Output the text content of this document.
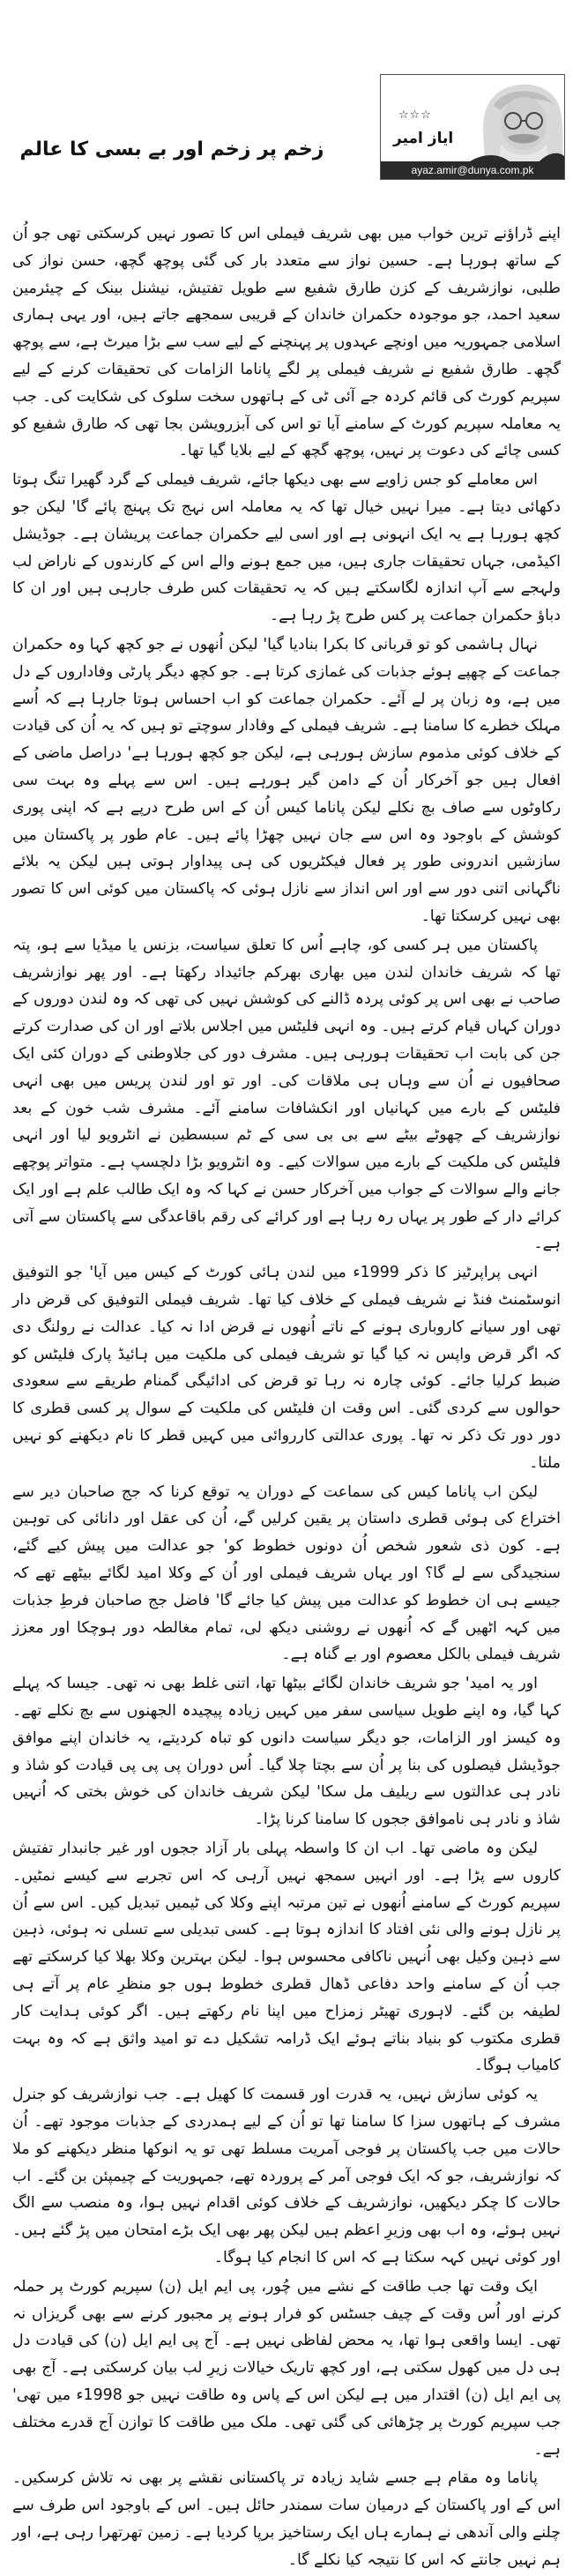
☆☆☆
ایاز امیر
ayaz.amir@dunya.com.pk
زخم پر زخم اور بے بسی کا عالم

اپنے ڈراؤنے ترین خواب میں بھی شریف فیملی اس کا تصور نہیں کرسکتی تھی جو اُن کے ساتھ ہورہا ہے۔ حسین نواز سے متعدد بار کی گئی پوچھ گچھ، حسن نواز کی طلبی، نوازشریف کے کزن طارق شفیع سے طویل تفتیش، نیشنل بینک کے چیئرمین سعید احمد، جو موجودہ حکمران خاندان کے قریبی سمجھے جاتے ہیں، اور یہی ہماری اسلامی جمہوریہ میں اونچے عہدوں پر پہنچنے کے لیے سب سے بڑا میرٹ ہے، سے پوچھ گچھ۔ طارق شفیع نے شریف فیملی پر لگے پاناما الزامات کی تحقیقات کرنے کے لیے سپریم کورٹ کی قائم کردہ جے آئی ٹی کے ہاتھوں سخت سلوک کی شکایت کی۔ جب یہ معاملہ سپریم کورٹ کے سامنے آیا تو اس کی آبزرویشن بجا تھی کہ طارق شفیع کو کسی چائے کی دعوت پر نہیں، پوچھ گچھ کے لیے بلایا گیا تھا۔

اس معاملے کو جس زاویے سے بھی دیکھا جائے، شریف فیملی کے گرد گھیرا تنگ ہوتا دکھائی دیتا ہے۔ میرا نہیں خیال تھا کہ یہ معاملہ اس نہج تک پہنچ پائے گا' لیکن جو کچھ ہورہا ہے یہ ایک انہونی ہے اور اسی لیے حکمران جماعت پریشان ہے۔ جوڈیشل اکیڈمی، جہاں تحقیقات جاری ہیں، میں جمع ہونے والے اس کے کارندوں کے ناراض لب ولہجے سے آپ اندازہ لگاسکتے ہیں کہ یہ تحقیقات کس طرف جارہی ہیں اور ان کا دباؤ حکمران جماعت پر کس طرح پڑ رہا ہے۔

نہال ہاشمی کو تو قربانی کا بکرا بنادیا گیا' لیکن اُنھوں نے جو کچھ کہا وہ حکمران جماعت کے چھپے ہوئے جذبات کی غمازی کرتا ہے۔ جو کچھ دیگر پارٹی وفاداروں کے دل میں ہے، وہ زبان پر لے آئے۔ حکمران جماعت کو اب احساس ہوتا جارہا ہے کہ اُسے مہلک خطرے کا سامنا ہے۔ شریف فیملی کے وفادار سوچتے تو ہیں کہ یہ اُن کی قیادت کے خلاف کوئی مذموم سازش ہورہی ہے، لیکن جو کچھ ہورہا ہے' دراصل ماضی کے افعال ہیں جو آخرکار اُن کے دامن گیر ہورہے ہیں۔ اس سے پہلے وہ بہت سی رکاوٹوں سے صاف بچ نکلے لیکن پاناما کیس اُن کے اس طرح درپے ہے کہ اپنی پوری کوشش کے باوجود وہ اس سے جان نہیں چھڑا پائے ہیں۔ عام طور پر پاکستان میں سازشیں اندرونی طور پر فعال فیکٹریوں کی ہی پیداوار ہوتی ہیں لیکن یہ بلائے ناگہانی اتنی دور سے اور اس انداز سے نازل ہوئی کہ پاکستان میں کوئی اس کا تصور بھی نہیں کرسکتا تھا۔

پاکستان میں ہر کسی کو، چاہے اُس کا تعلق سیاست، بزنس یا میڈیا سے ہو، پتہ تھا کہ شریف خاندان لندن میں بھاری بھرکم جائیداد رکھتا ہے۔ اور پھر نوازشریف صاحب نے بھی اس پر کوئی پردہ ڈالنے کی کوشش نہیں کی تھی کہ وہ لندن دوروں کے دوران کہاں قیام کرتے ہیں۔ وہ انہی فلیٹس میں اجلاس بلاتے اور ان کی صدارت کرتے جن کی بابت اب تحقیقات ہورہی ہیں۔ مشرف دور کی جلاوطنی کے دوران کئی ایک صحافیوں نے اُن سے وہاں ہی ملاقات کی۔ اور تو اور لندن پریس میں بھی انہی فلیٹس کے بارے میں کہانیاں اور انکشافات سامنے آئے۔ مشرف شب خون کے بعد نوازشریف کے چھوٹے بیٹے سے بی بی سی کے ٹم سبسطین نے انٹرویو لیا اور انہی فلیٹس کی ملکیت کے بارے میں سوالات کیے۔ وہ انٹرویو بڑا دلچسپ ہے۔ متواتر پوچھے جانے والے سوالات کے جواب میں آخرکار حسن نے کہا کہ وہ ایک طالب علم ہے اور ایک کرائے دار کے طور پر یہاں رہ رہا ہے اور کرائے کی رقم باقاعدگی سے پاکستان سے آتی ہے۔

انہی پراپرٹیز کا ذکر 1999ء میں لندن ہائی کورٹ کے کیس میں آیا' جو التوفیق انوسٹمنٹ فنڈ نے شریف فیملی کے خلاف کیا تھا۔ شریف فیملی التوفیق کی قرض دار تھی اور سیانے کاروباری ہونے کے ناتے اُنھوں نے قرض ادا نہ کیا۔ عدالت نے رولنگ دی کہ اگر قرض واپس نہ کیا گیا تو شریف فیملی کی ملکیت میں ہائیڈ پارک فلیٹس کو ضبط کرلیا جائے۔ کوئی چارہ نہ رہا تو قرض کی ادائیگی گمنام طریقے سے سعودی حوالوں سے کردی گئی۔ اس وقت ان فلیٹس کی ملکیت کے سوال پر کسی قطری کا دور دور تک ذکر نہ تھا۔ پوری عدالتی کارروائی میں کہیں قطر کا نام دیکھنے کو نہیں ملتا۔

لیکن اب پاناما کیس کی سماعت کے دوران یہ توقع کرنا کہ جج صاحبان دیر سے اختراع کی ہوئی قطری داستان پر یقین کرلیں گے، اُن کی عقل اور دانائی کی توہین ہے۔ کون ذی شعور شخص اُن دونوں خطوط کو' جو عدالت میں پیش کیے گئے، سنجیدگی سے لے گا؟ اور یہاں شریف فیملی اور اُن کے وکلا امید لگائے بیٹھے تھے کہ جیسے ہی ان خطوط کو عدالت میں پیش کیا جائے گا' فاضل جج صاحبان فرطِ جذبات میں کہہ اٹھیں گے کہ اُنھوں نے روشنی دیکھ لی، تمام مغالطہ دور ہوچکا اور معزز شریف فیملی بالکل معصوم اور بے گناہ ہے۔

اور یہ امید' جو شریف خاندان لگائے بیٹھا تھا، اتنی غلط بھی نہ تھی۔ جیسا کہ پہلے کہا گیا، وہ اپنے طویل سیاسی سفر میں کہیں زیادہ پیچیدہ الجھنوں سے بچ نکلے تھے۔ وہ کیسز اور الزامات، جو دیگر سیاست دانوں کو تباہ کردیتے، یہ خاندان اپنے موافق جوڈیشل فیصلوں کی بنا پر اُن سے بچتا چلا گیا۔ اُس دوران پی پی پی قیادت کو شاذ و نادر ہی عدالتوں سے ریلیف مل سکا' لیکن شریف خاندان کی خوش بختی کہ اُنہیں شاذ و نادر ہی ناموافق ججوں کا سامنا کرنا پڑا۔

لیکن وہ ماضی تھا۔ اب ان کا واسطہ پہلی بار آزاد ججوں اور غیر جانبدار تفتیش کاروں سے پڑا ہے۔ اور انہیں سمجھ نہیں آرہی کہ اس تجربے سے کیسے نمٹیں۔ سپریم کورٹ کے سامنے اُنھوں نے تین مرتبہ اپنے وکلا کی ٹیمیں تبدیل کیں۔ اس سے اُن پر نازل ہونے والی نئی افتاد کا اندازہ ہوتا ہے۔ کسی تبدیلی سے تسلی نہ ہوئی، ذہین سے ذہین وکیل بھی اُنہیں ناکافی محسوس ہوا۔ لیکن بہترین وکلا بھلا کیا کرسکتے تھے جب اُن کے سامنے واحد دفاعی ڈھال قطری خطوط ہوں جو منظرِ عام پر آتے ہی لطیفہ بن گئے۔ لاہوری تھیٹر زمزاح میں اپنا نام رکھتے ہیں۔ اگر کوئی ہدایت کار قطری مکتوب کو بنیاد بناتے ہوئے ایک ڈرامہ تشکیل دے تو امید واثق ہے کہ وہ بہت کامیاب ہوگا۔

یہ کوئی سازش نہیں، یہ قدرت اور قسمت کا کھیل ہے۔ جب نوازشریف کو جنرل مشرف کے ہاتھوں سزا کا سامنا تھا تو اُن کے لیے ہمدردی کے جذبات موجود تھے۔ اُن حالات میں جب پاکستان پر فوجی آمریت مسلط تھی تو یہ انوکھا منظر دیکھنے کو ملا کہ نوازشریف، جو کہ ایک فوجی آمر کے پروردہ تھے، جمہوریت کے چیمپئن بن گئے۔ اب حالات کا چکر دیکھیں، نوازشریف کے خلاف کوئی اقدام نہیں ہوا، وہ منصب سے الگ نہیں ہوئے، وہ اب بھی وزیرِ اعظم ہیں لیکن پھر بھی ایک بڑے امتحان میں پڑ گئے ہیں۔ اور کوئی نہیں کہہ سکتا ہے کہ اس کا انجام کیا ہوگا۔

ایک وقت تھا جب طاقت کے نشے میں چُور، پی ایم ایل (ن) سپریم کورٹ پر حملہ کرنے اور اُس وقت کے چیف جسٹس کو فرار ہونے پر مجبور کرنے سے بھی گریزاں نہ تھی۔ ایسا واقعی ہوا تھا، یہ محض لفاظی نہیں ہے۔ آج پی ایم ایل (ن) کی قیادت دل ہی دل میں کھول سکتی ہے، اور کچھ تاریک خیالات زیرِ لب بیان کرسکتی ہے۔ آج بھی پی ایم ایل (ن) اقتدار میں ہے لیکن اس کے پاس وہ طاقت نہیں جو 1998ء میں تھی' جب سپریم کورٹ پر چڑھائی کی گئی تھی۔ ملک میں طاقت کا توازن آج قدرے مختلف ہے۔

پاناما وہ مقام ہے جسے شاید زیادہ تر پاکستانی نقشے پر بھی نہ تلاش کرسکیں۔ اس کے اور پاکستان کے درمیان سات سمندر حائل ہیں۔ اس کے باوجود اس طرف سے چلنے والی آندھی نے ہمارے ہاں ایک رستاخیز برپا کردیا ہے۔ زمین تھرتھرا رہی ہے، اور ہم نہیں جانتے کہ اس کا نتیجہ کیا نکلے گا۔
